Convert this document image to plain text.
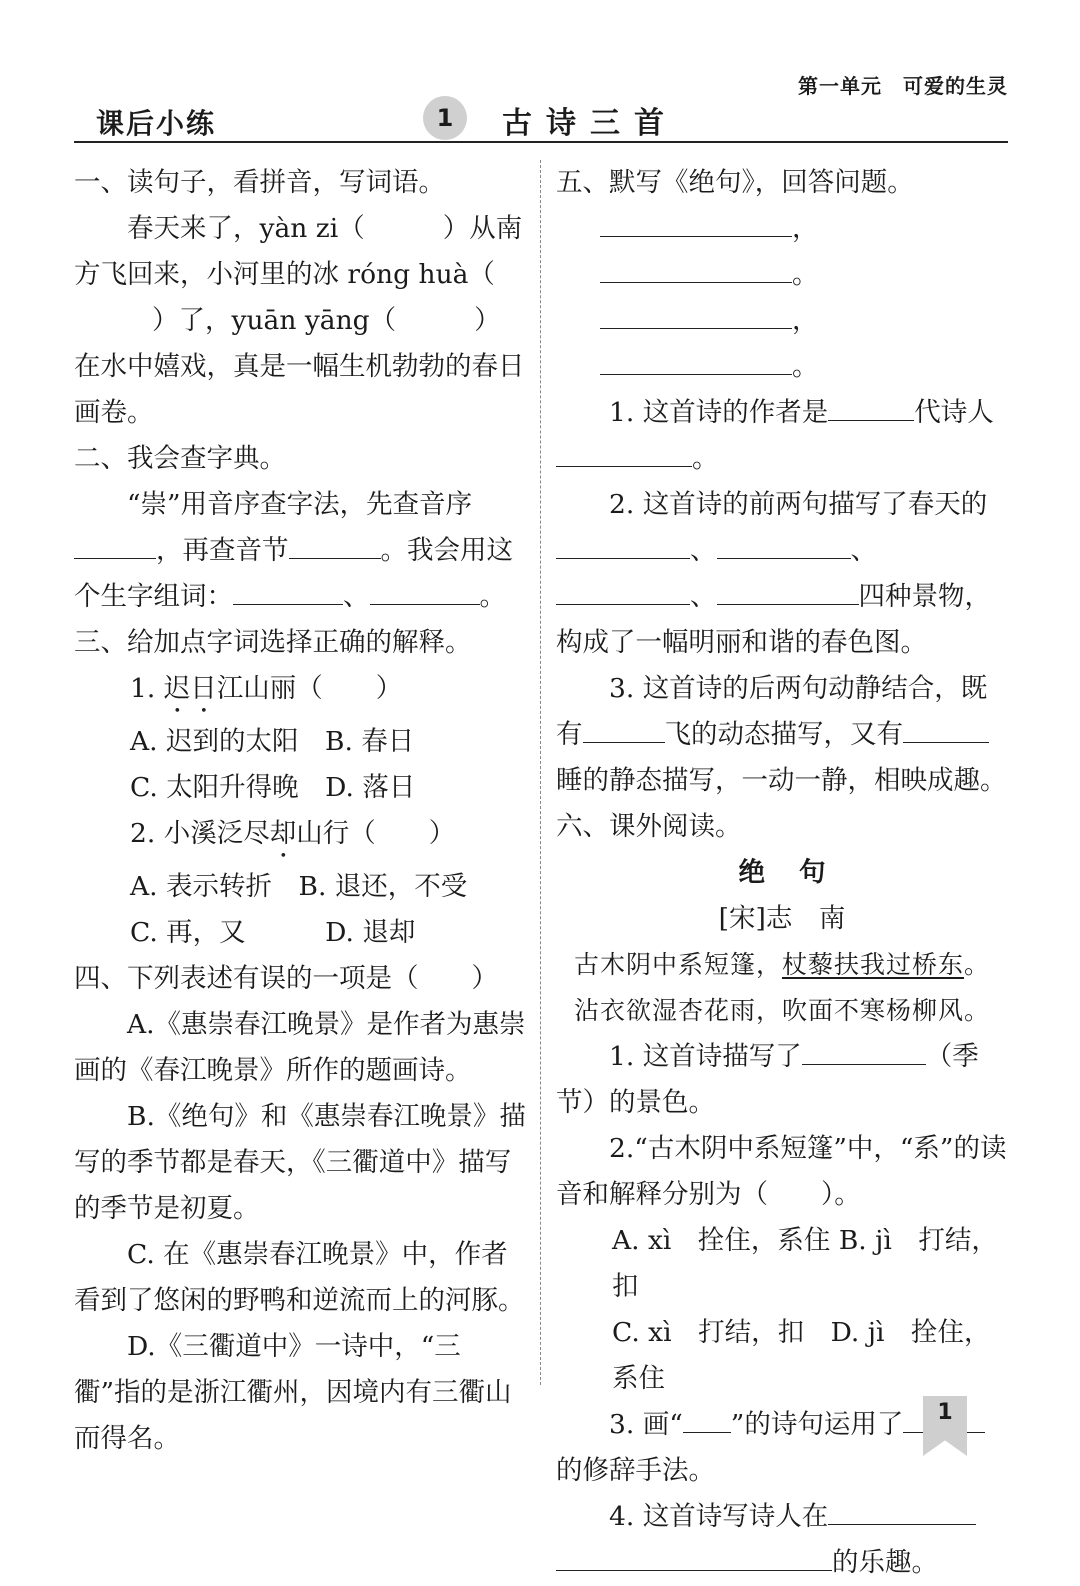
第一单元　可爱的生灵
课后小练	1	古诗三首

一、读句子，看拼音，写词语。

春天来了，yàn zi（	）从南方飞回来，小河里的冰 róng huà（）了，yuān yāng（	）在水中嬉戏，真是一幅生机勃勃的春日画卷。

二、我会查字典。

“崇”用音序查字法，先查音序，再查音节	。我会用这个生字组词：	、	。

三、给加点字词选择正确的解释。

1. 迟日江山丽（　　）

A. 迟到的太阳　B. 春日

C. 太阳升得晚　D. 落日

2. 小溪泛尽却山行（　　）

A. 表示转折　B. 退还，不受

C. 再，又　　　D. 退却

四、下列表述有误的一项是（　　）

A.《惠崇春江晚景》是作者为惠崇画的《春江晚景》所作的题画诗。

B.《绝句》和《惠崇春江晚景》描写的季节都是春天，《三衢道中》描写的季节是初夏。

C. 在《惠崇春江晚景》中，作者看到了悠闲的野鸭和逆流而上的河豚。

D.《三衢道中》一诗中，“三衢”指的是浙江衢州，因境内有三衢山而得名。

五、默写《绝句》，回答问题。

，。

，。

1. 这首诗的作者是	代诗人。

2. 这首诗的前两句描写了春天的、	、、	四种景物，构成了一幅明丽和谐的春色图。

3. 这首诗的后两句动静结合，既有	飞的动态描写，又有睡的静态描写，一动一静，相映成趣。

六、课外阅读。

绝句

[宋]志　南

古木阴中系短篷，杖藜扶我过桥东。

沾衣欲湿杏花雨，吹面不寒杨柳风。

1. 这首诗描写了	（季节）的景色。

2.“古木阴中系短篷”中，“系”的读音和解释分别为（　　）。

A. xì　拴住，系住 B. jì　打结，扣

C. xì　打结，扣　D. jì　拴住，系住

3. 画“ ”的诗句运用了的修辞手法。

4. 这首诗写诗人在的乐趣。

1
